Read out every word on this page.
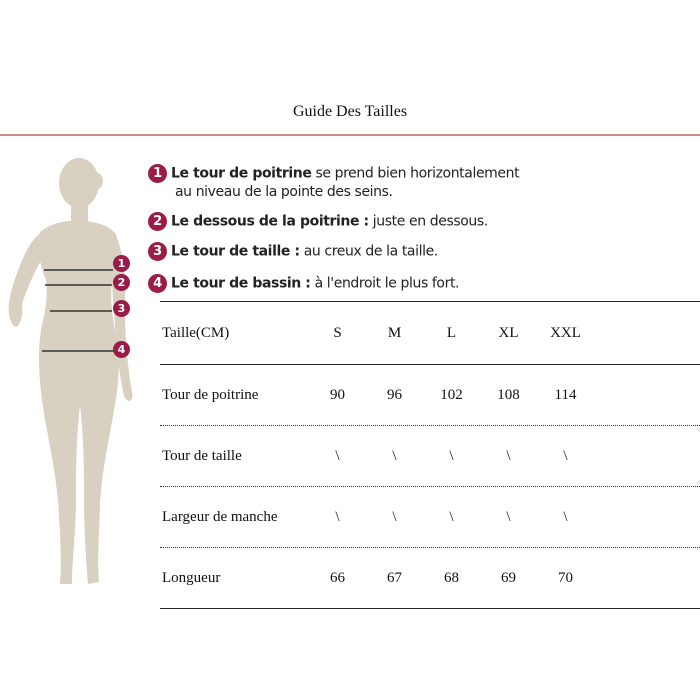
Guide Des Tailles
1
2
3
4
1 Le tour de poitrine se prend bien horizontalement
au niveau de la pointe des seins.
2 Le dessous de la poitrine : juste en dessous.
3 Le tour de taille : au creux de la taille.
4 Le tour de bassin : à l'endroit le plus fort.
Taille(CM)	S	M	L	XL	XXL
Tour de poitrine	90	96	102	108	114
Tour de taille	\	\	\	\	\
Largeur de manche	\	\	\	\	\
Longueur	66	67	68	69	70
